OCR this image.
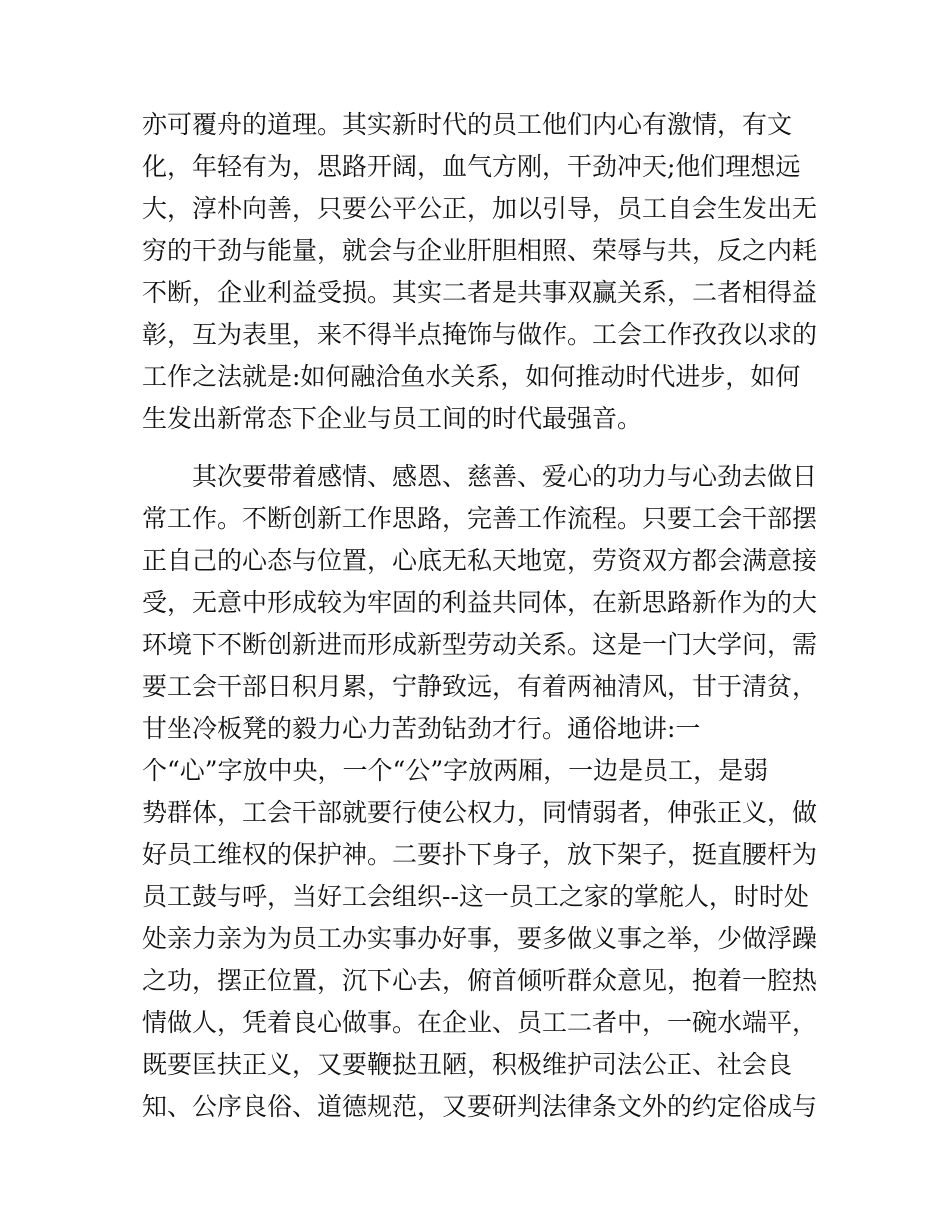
亦可覆舟的道理。其实新时代的员工他们内心有激情，有文
化，年轻有为，思路开阔，血气方刚，干劲冲天;他们理想远
大，淳朴向善，只要公平公正，加以引导，员工自会生发出无
穷的干劲与能量，就会与企业肝胆相照、荣辱与共，反之内耗
不断，企业利益受损。其实二者是共事双赢关系，二者相得益
彰，互为表里，来不得半点掩饰与做作。工会工作孜孜以求的
工作之法就是:如何融洽鱼水关系，如何推动时代进步，如何
生发出新常态下企业与员工间的时代最强音。
其次要带着感情、感恩、慈善、爱心的功力与心劲去做日
常工作。不断创新工作思路，完善工作流程。只要工会干部摆
正自己的心态与位置，心底无私天地宽，劳资双方都会满意接
受，无意中形成较为牢固的利益共同体，在新思路新作为的大
环境下不断创新进而形成新型劳动关系。这是一门大学问，需
要工会干部日积月累，宁静致远，有着两袖清风，甘于清贫，
甘坐冷板凳的毅力心力苦劲钻劲才行。通俗地讲:一
个“心”字放中央，一个“公”字放两厢，一边是员工，是弱
势群体，工会干部就要行使公权力，同情弱者，伸张正义，做
好员工维权的保护神。二要扑下身子，放下架子，挺直腰杆为
员工鼓与呼，当好工会组织--这一员工之家的掌舵人，时时处
处亲力亲为为员工办实事办好事，要多做义事之举，少做浮躁
之功，摆正位置，沉下心去，俯首倾听群众意见，抱着一腔热
情做人，凭着良心做事。在企业、员工二者中，一碗水端平，
既要匡扶正义，又要鞭挞丑陋，积极维护司法公正、社会良
知、公序良俗、道德规范，又要研判法律条文外的约定俗成与
